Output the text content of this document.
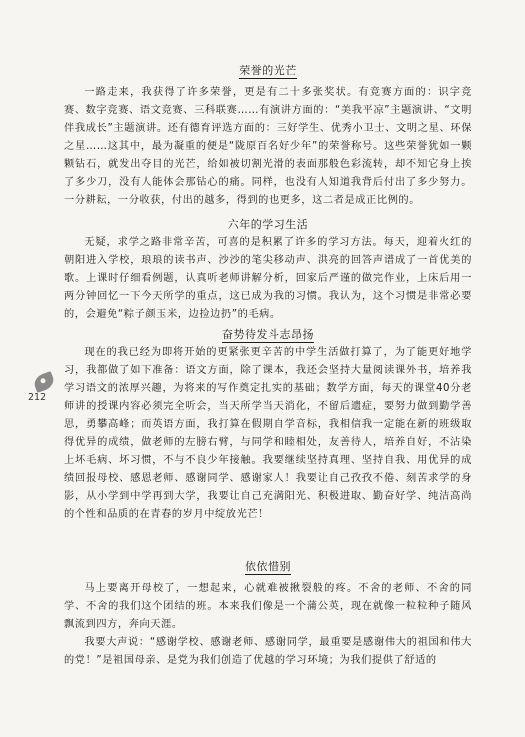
荣誉的光芒

一路走来，我获得了许多荣誉，更是有二十多张奖状。有竞赛方面的：识字竞赛、数字竞赛、语文竞赛、三科联赛……有演讲方面的：“美我平凉”主题演讲、“文明伴我成长”主题演讲。还有德育评选方面的：三好学生、优秀小卫士、文明之星、环保之星……这其中，最为凝重的便是“陇原百名好少年”的荣誉称号。这些荣誉犹如一颗颗钻石，就发出夺目的光芒，给如被切割光滑的表面那般色彩流转，却不知它身上挨了多少刀，没有人能体会那钻心的痛。同样，也没有人知道我背后付出了多少努力。一分耕耘，一分收获，付出的越多，得到的也更多，这二者是成正比例的。

六年的学习生活

无疑，求学之路非常辛苦，可喜的是积累了许多的学习方法。每天，迎着火红的朝阳进入学校，琅琅的读书声、沙沙的笔尖移动声、洪亮的回答声谱成了一首优美的歌。上课时仔细看例题，认真听老师讲解分析，回家后严谨的做完作业，上床后用一两分钟回忆一下今天所学的重点，这已成为我的习惯。我认为，这个习惯是非常必要的，会避免“粽子颜玉米，边捡边扔”的毛病。

奋势待发斗志昂扬

现在的我已经为即将开始的更紧张更辛苦的中学生活做打算了，为了能更好地学习，我都做了如下准备：语文方面，除了课本，我还会坚持大量阅读课外书，培养我学习语文的浓厚兴趣，为将来的写作奠定扎实的基础；数学方面，每天的课堂40分老师讲的授课内容必须完全听会，当天所学当天消化，不留后遗症，要努力做到勤学善思，勇攀高峰；而英语方面，我打算在假期自学音标，我相信我一定能在新的班级取得优异的成绩，做老师的左膀右臂，与同学和睦相处，友善待人，培养自好，不沾染上坏毛病、坏习惯，不与不良少年接触。我要继续坚持真理、坚持自我、用优异的成绩回报母校、感恩老师、感谢同学、感谢家人！我要让自己孜孜不倦、刻苦求学的身影，从小学到中学再到大学，我要让自己充满阳光、积极进取、勤奋好学、纯洁高尚的个性和品质的在青春的岁月中绽放光芒！

依依惜别

马上要离开母校了，一想起来，心就难被揪裂般的疼。不舍的老师、不舍的同学、不舍的我们这个团结的班。本来我们像是一个蒲公英，现在就像一粒粒种子随风飘流到四方，奔向天涯。

我要大声说：“感谢学校、感谢老师、感谢同学，最重要是感谢伟大的祖国和伟大的党！”是祖国母亲、是党为我们创造了优越的学习环境；为我们提供了舒适的

212
